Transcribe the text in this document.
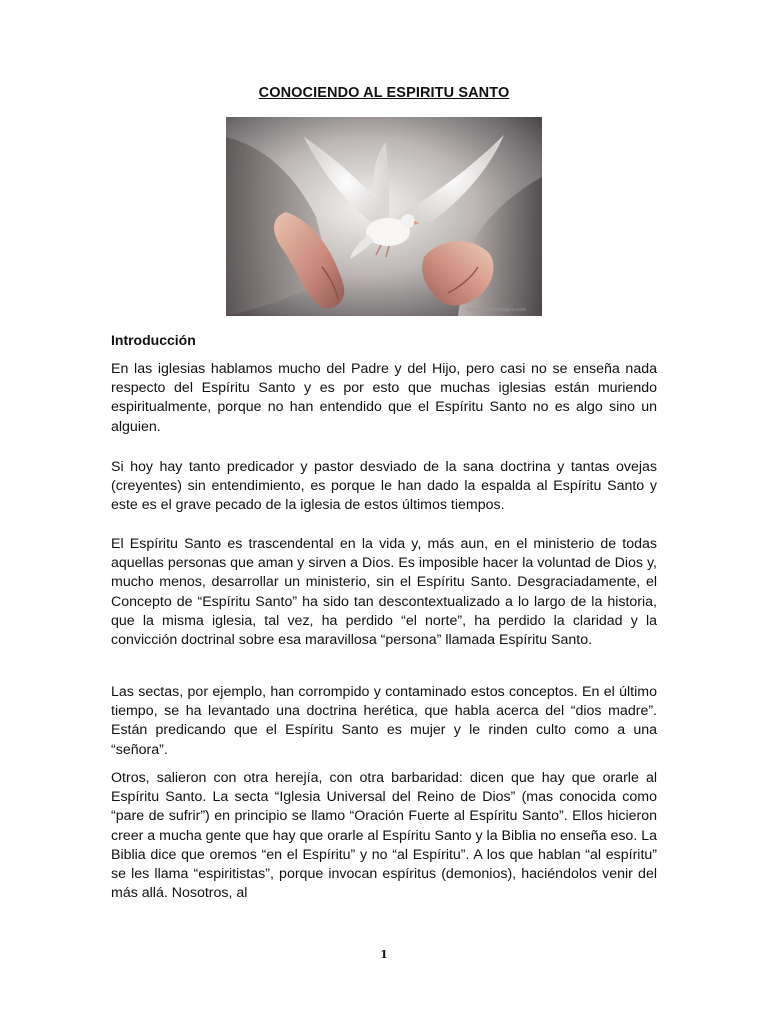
CONOCIENDO AL ESPIRITU SANTO
www.gospelimages.com
Introducción

En las iglesias hablamos mucho del Padre y del Hijo, pero casi no se enseña nada respecto del Espíritu Santo y es por esto que muchas iglesias están muriendo espiritualmente, porque no han entendido que el Espíritu Santo no es algo sino un alguien.

Si hoy hay tanto predicador y pastor desviado de la sana doctrina y tantas ovejas (creyentes) sin entendimiento, es porque le han dado la espalda al Espíritu Santo y este es el grave pecado de la iglesia de estos últimos tiempos.

El Espíritu Santo es trascendental en la vida y, más aun, en el ministerio de todas aquellas personas que aman y sirven a Dios. Es imposible hacer la voluntad de Dios y, mucho menos, desarrollar un ministerio, sin el Espíritu Santo. Desgraciadamente, el Concepto de “Espíritu Santo” ha sido tan descontextualizado a lo largo de la historia, que la misma iglesia, tal vez, ha perdido “el norte”, ha perdido la claridad y la convicción doctrinal sobre esa maravillosa “persona” llamada Espíritu Santo.

Las sectas, por ejemplo, han corrompido y contaminado estos conceptos. En el último tiempo, se ha levantado una doctrina herética, que habla acerca del “dios madre”. Están predicando que el Espíritu Santo es mujer y le rinden culto como a una “señora”.

Otros, salieron con otra herejía, con otra barbaridad: dicen que hay que orarle al Espíritu Santo. La secta “Iglesia Universal del Reino de Dios” (mas conocida como “pare de sufrir”) en principio se llamo “Oración Fuerte al Espíritu Santo”. Ellos hicieron creer a mucha gente que hay que orarle al Espíritu Santo y la Biblia no enseña eso. La Biblia dice que oremos “en el Espíritu” y no “al Espíritu”. A los que hablan “al espíritu” se les llama “espiritistas”, porque invocan espíritus (demonios), haciéndolos venir del más allá. Nosotros, al

1
